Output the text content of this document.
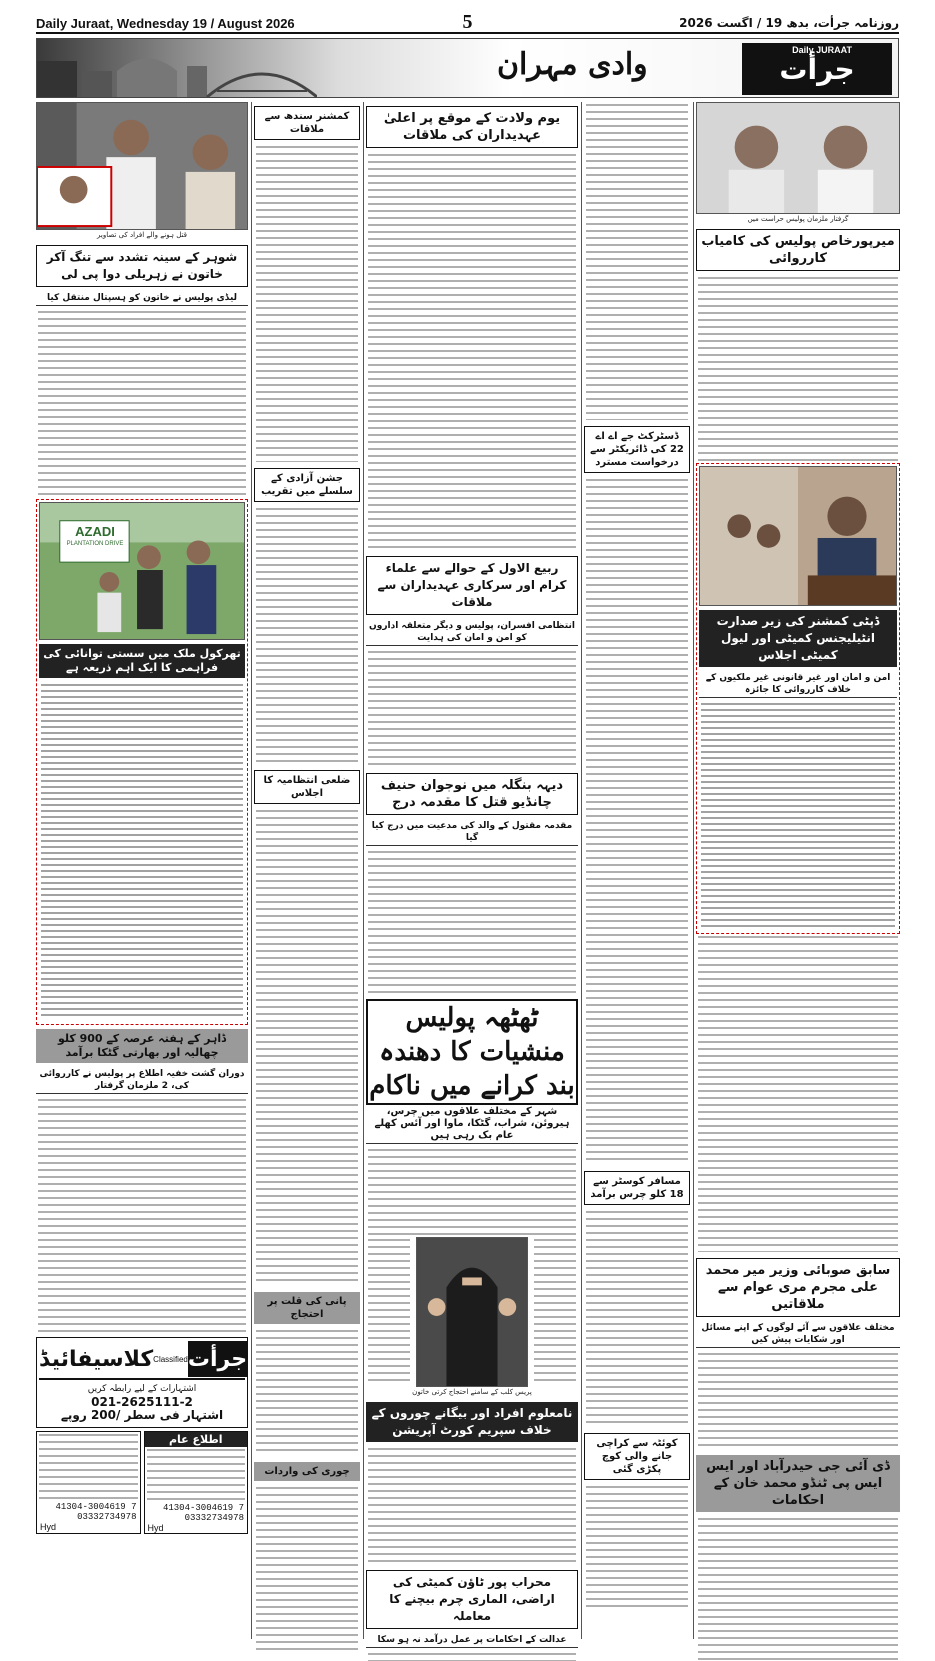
Daily Juraat, Wednesday 19 / August 2026	5	روزنامہ جرأت، بدھ 19 / اگست 2026
وادی مہران	Daily JURAAT
جرأت
گرفتار ملزمان پولیس حراست میں
میرپورخاص پولیس کی کامیاب کارروائی
ڈپٹی کمشنر کی زیر صدارت انٹیلیجنس کمیٹی اور لیول کمیٹی اجلاس
امن و امان اور غیر قانونی غیر ملکیوں کے خلاف کارروائی کا جائزہ
سابق صوبائی وزیر میر محمد علی مجرم مری عوام سے ملاقاتیں
مختلف علاقوں سے آئے لوگوں کے اپنے مسائل اور شکایات پیش کیں
ڈی آئی جی حیدرآباد اور ایس ایس پی ٹنڈو محمد خان کے احکامات
ڈسٹرکٹ جے اے اے 22 کی ڈائریکٹر سے درخواست مسترد
مسافر کوسٹر سے 18 کلو چرس برآمد
کوئٹہ سے کراچی جانے والی کوچ پکڑی گئی
یوم ولادت کے موقع پر اعلیٰ عہدیداران کی ملاقات
ربیع الاول کے حوالے سے علماء کرام اور سرکاری عہدیداران سے ملاقات
انتظامی افسران، پولیس و دیگر متعلقہ اداروں کو امن و امان کی ہدایت
دیہہ بنگلہ میں نوجوان حنیف چانڈیو قتل کا مقدمہ درج
مقدمہ مقتول کے والد کی مدعیت میں درج کیا گیا
ٹھٹھہ پولیس منشیات کا دھندہ بند کرانے میں ناکام
شہر کے مختلف علاقوں میں چرس، ہیروئن، شراب، گٹکا، ماوا اور آئس کھلے عام بک رہی ہیں
پریس کلب کے سامنے احتجاج کرتی خاتون
نامعلوم افراد اور بیگانے چوروں کے خلاف سپریم کورٹ آپریشن
محراب پور ٹاؤن کمیٹی کی اراضی، الماری چرم بیچنے کا معاملہ
عدالت کے احکامات پر عمل درآمد نہ ہو سکا
کمشنر سندھ سے ملاقات
جشن آزادی کے سلسلے میں تقریب
ضلعی انتظامیہ کا اجلاس
پانی کی قلت پر احتجاج
چوری کی واردات
قتل ہونے والے افراد کی تصاویر
شوہر کے سینہ تشدد سے تنگ آکر خاتون نے زہریلی دوا پی لی
لیڈی پولیس نے خاتون کو ہسپتال منتقل کیا
AZADI
PLANTATION DRIVE
تھرکول ملک میں سستی توانائی کی فراہمی کا ایک اہم ذریعہ ہے
ڈاہر کے ہفتہ عرصہ کے 900 کلو چھالیہ اور بھارتی گٹکا برآمد
دوران گشت خفیہ اطلاع پر پولیس نے کارروائی کی، 2 ملزمان گرفتار
کلاسیفائیڈ Classified جرأت
اشتہارات کے لیے رابطہ کریں
021-2625111-2
اشتہار فی سطر /200 روپے
41304-3004619 7
03332734978
Hyd
اطلاع عام
41304-3004619 7
03332734978
Hyd
